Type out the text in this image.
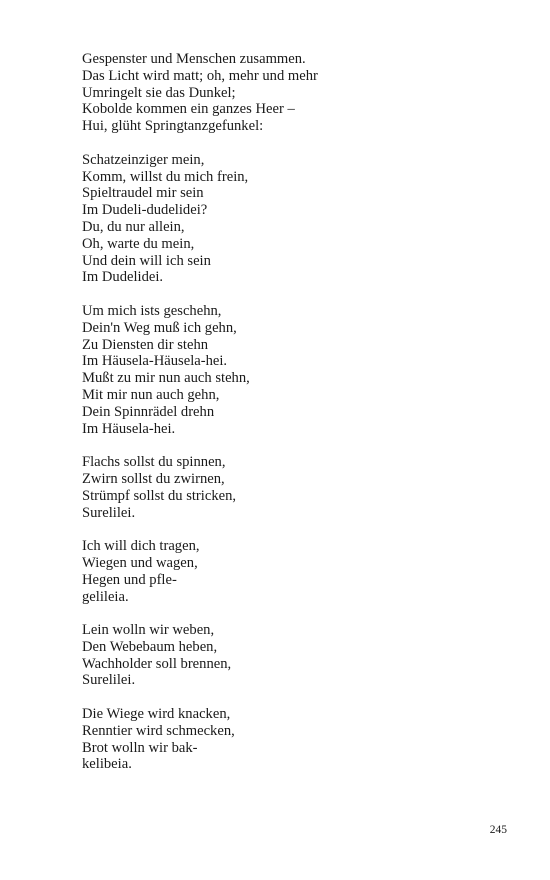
Gespenster und Menschen zusammen.

Das Licht wird matt; oh, mehr und mehr

Umringelt sie das Dunkel;

Kobolde kommen ein ganzes Heer –

Hui, glüht Springtanzgefunkel:

Schatzeinziger mein,

Komm, willst du mich frein,

Spieltraudel mir sein

Im Dudeli-dudelidei?

Du, du nur allein,

Oh, warte du mein,

Und dein will ich sein

Im Dudelidei.

Um mich ists geschehn,

Dein'n Weg muß ich gehn,

Zu Diensten dir stehn

Im Häusela-Häusela-hei.

Mußt zu mir nun auch stehn,

Mit mir nun auch gehn,

Dein Spinnrädel drehn

Im Häusela-hei.

Flachs sollst du spinnen,

Zwirn sollst du zwirnen,

Strümpf sollst du stricken,

Surelilei.

Ich will dich tragen,

Wiegen und wagen,

Hegen und pfle-

gelileia.

Lein wolln wir weben,

Den Webebaum heben,

Wachholder soll brennen,

Surelilei.

Die Wiege wird knacken,

Renntier wird schmecken,

Brot wolln wir bak-

kelibeia.

245
